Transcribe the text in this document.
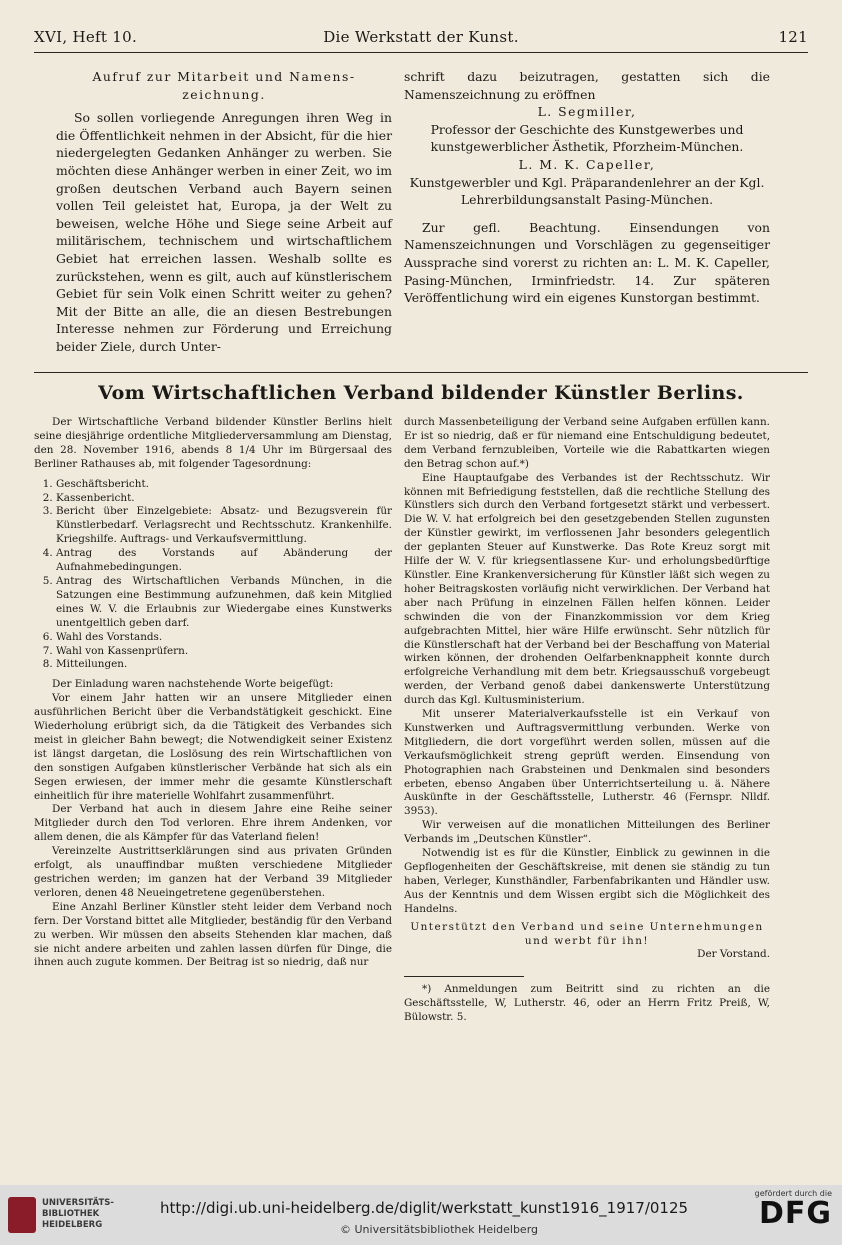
XVI, Heft 10.	Die Werkstatt der Kunst.	121

Aufruf zur Mitarbeit und Namens-zeichnung.

So sollen vorliegende Anregungen ihren Weg in die Öffentlichkeit nehmen in der Absicht, für die hier niedergelegten Gedanken Anhänger zu werben. Sie möchten diese Anhänger werben in einer Zeit, wo im großen deutschen Verband auch Bayern seinen vollen Teil geleistet hat, Europa, ja der Welt zu beweisen, welche Höhe und Siege seine Arbeit auf militärischem, technischem und wirtschaftlichem Gebiet hat erreichen lassen. Weshalb sollte es zurückstehen, wenn es gilt, auch auf künstlerischem Gebiet für sein Volk einen Schritt weiter zu gehen? Mit der Bitte an alle, die an diesen Bestrebungen Interesse nehmen zur Förderung und Erreichung beider Ziele, durch Unter-

schrift dazu beizutragen, gestatten sich die Namenszeichnung zu eröffnen

L. Segmiller,

Professor der Geschichte des Kunstgewerbes und kunstgewerblicher Ästhetik, Pforzheim-München.

L. M. K. Capeller,

Kunstgewerbler und Kgl. Präparandenlehrer an der Kgl. Lehrerbildungsanstalt Pasing-München.

Zur gefl. Beachtung. Einsendungen von Namenszeichnungen und Vorschlägen zu gegenseitiger Aussprache sind vorerst zu richten an: L. M. K. Capeller, Pasing-München, Irminfriedstr. 14. Zur späteren Veröffentlichung wird ein eigenes Kunstorgan bestimmt.

Vom Wirtschaftlichen Verband bildender Künstler Berlins.

Der Wirtschaftliche Verband bildender Künstler Berlins hielt seine diesjährige ordentliche Mitgliederversammlung am Dienstag, den 28. November 1916, abends 8 1/4 Uhr im Bürgersaal des Berliner Rathauses ab, mit folgender Tagesordnung:

1. Geschäftsbericht.
2. Kassenbericht.
3. Bericht über Einzelgebiete: Absatz- und Bezugsverein für Künstlerbedarf. Verlagsrecht und Rechtsschutz. Krankenhilfe. Kriegshilfe. Auftrags- und Verkaufsvermittlung.
4. Antrag des Vorstands auf Abänderung der Aufnahmebedingungen.
5. Antrag des Wirtschaftlichen Verbands München, in die Satzungen eine Bestimmung aufzunehmen, daß kein Mitglied eines W. V. die Erlaubnis zur Wiedergabe eines Kunstwerks unentgeltlich geben darf.
6. Wahl des Vorstands.
7. Wahl von Kassenprüfern.
8. Mitteilungen.

Der Einladung waren nachstehende Worte beigefügt:

Vor einem Jahr hatten wir an unsere Mitglieder einen ausführlichen Bericht über die Verbandstätigkeit geschickt. Eine Wiederholung erübrigt sich, da die Tätigkeit des Verbandes sich meist in gleicher Bahn bewegt; die Notwendigkeit seiner Existenz ist längst dargetan, die Loslösung des rein Wirtschaftlichen von den sonstigen Aufgaben künstlerischer Verbände hat sich als ein Segen erwiesen, der immer mehr die gesamte Künstlerschaft einheitlich für ihre materielle Wohlfahrt zusammenführt.

Der Verband hat auch in diesem Jahre eine Reihe seiner Mitglieder durch den Tod verloren. Ehre ihrem Andenken, vor allem denen, die als Kämpfer für das Vaterland fielen!

Vereinzelte Austrittserklärungen sind aus privaten Gründen erfolgt, als unauffindbar mußten verschiedene Mitglieder gestrichen werden; im ganzen hat der Verband 39 Mitglieder verloren, denen 48 Neueingetretene gegenüberstehen.

Eine Anzahl Berliner Künstler steht leider dem Verband noch fern. Der Vorstand bittet alle Mitglieder, beständig für den Verband zu werben. Wir müssen den abseits Stehenden klar machen, daß sie nicht andere arbeiten und zahlen lassen dürfen für Dinge, die ihnen auch zugute kommen. Der Beitrag ist so niedrig, daß nur

durch Massenbeteiligung der Verband seine Aufgaben erfüllen kann. Er ist so niedrig, daß er für niemand eine Entschuldigung bedeutet, dem Verband fernzubleiben, Vorteile wie die Rabattkarten wiegen den Betrag schon auf.*)

Eine Hauptaufgabe des Verbandes ist der Rechtsschutz. Wir können mit Befriedigung feststellen, daß die rechtliche Stellung des Künstlers sich durch den Verband fortgesetzt stärkt und verbessert. Die W. V. hat erfolgreich bei den gesetzgebenden Stellen zugunsten der Künstler gewirkt, im verflossenen Jahr besonders gelegentlich der geplanten Steuer auf Kunstwerke. Das Rote Kreuz sorgt mit Hilfe der W. V. für kriegsentlassene Kur- und erholungsbedürftige Künstler. Eine Krankenversicherung für Künstler läßt sich wegen zu hoher Beitragskosten vorläufig nicht verwirklichen. Der Verband hat aber nach Prüfung in einzelnen Fällen helfen können. Leider schwinden die von der Finanzkommission vor dem Krieg aufgebrachten Mittel, hier wäre Hilfe erwünscht. Sehr nützlich für die Künstlerschaft hat der Verband bei der Beschaffung von Material wirken können, der drohenden Oelfarbenknappheit konnte durch erfolgreiche Verhandlung mit dem betr. Kriegsausschuß vorgebeugt werden, der Verband genoß dabei dankenswerte Unterstützung durch das Kgl. Kultusministerium.

Mit unserer Materialverkaufsstelle ist ein Verkauf von Kunstwerken und Auftragsvermittlung verbunden. Werke von Mitgliedern, die dort vorgeführt werden sollen, müssen auf die Verkaufsmöglichkeit streng geprüft werden. Einsendung von Photographien nach Grabsteinen und Denkmalen sind besonders erbeten, ebenso Angaben über Unterrichtserteilung u. ä. Nähere Auskünfte in der Geschäftsstelle, Lutherstr. 46 (Fernspr. Nlldf. 3953).

Wir verweisen auf die monatlichen Mitteilungen des Berliner Verbands im „Deutschen Künstler“.

Notwendig ist es für die Künstler, Einblick zu gewinnen in die Gepflogenheiten der Geschäftskreise, mit denen sie ständig zu tun haben, Verleger, Kunsthändler, Farbenfabrikanten und Händler usw. Aus der Kenntnis und dem Wissen ergibt sich die Möglichkeit des Handelns.

Unterstützt den Verband und seine Unternehmungen und werbt für ihn!

Der Vorstand.

*) Anmeldungen zum Beitritt sind zu richten an die Geschäftsstelle, W, Lutherstr. 46, oder an Herrn Fritz Preiß, W, Bülowstr. 5.

UNIVERSITÄTS-
BIBLIOTHEK
HEIDELBERG
http://digi.ub.uni-heidelberg.de/diglit/werkstatt_kunst1916_1917/0125
© Universitätsbibliothek Heidelberg
gefördert durch die
DFG
